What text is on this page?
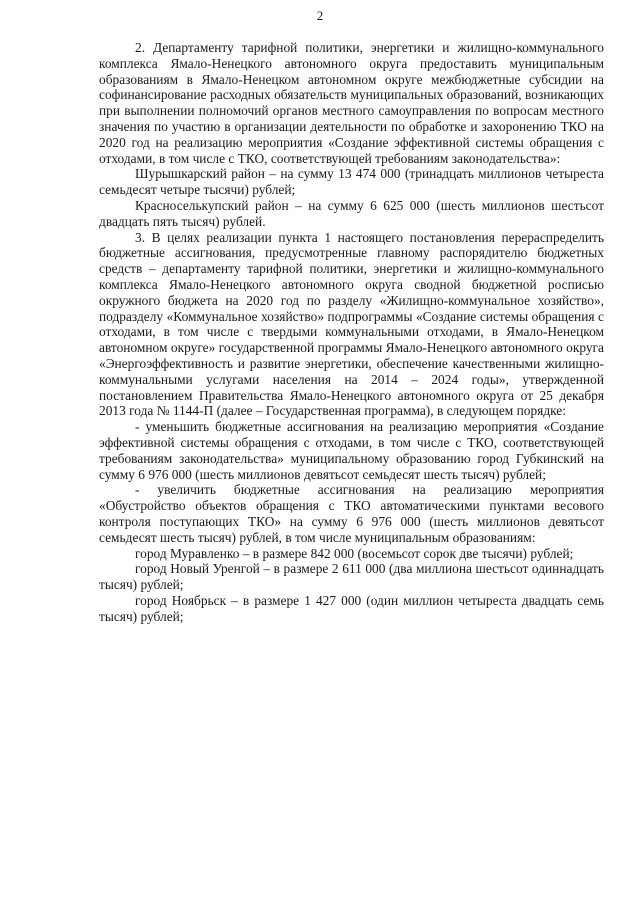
2

2. Департаменту тарифной политики, энергетики и жилищно-коммунального комплекса Ямало-Ненецкого автономного округа предоставить муниципальным образованиям в Ямало-Ненецком автономном округе межбюджетные субсидии на софинансирование расходных обязательств муниципальных образований, возникающих при выполнении полномочий органов местного самоуправления по вопросам местного значения по участию в организации деятельности по обработке и захоронению ТКО на 2020 год на реализацию мероприятия «Создание эффективной системы обращения с отходами, в том числе с ТКО, соответствующей требованиям законодательства»:

Шурышкарский район – на сумму 13 474 000 (тринадцать миллионов четыреста семьдесят четыре тысячи) рублей;

Красноселькупский район – на сумму 6 625 000 (шесть миллионов шестьсот двадцать пять тысяч) рублей.

3. В целях реализации пункта 1 настоящего постановления перераспределить бюджетные ассигнования, предусмотренные главному распорядителю бюджетных средств – департаменту тарифной политики, энергетики и жилищно-коммунального комплекса Ямало-Ненецкого автономного округа сводной бюджетной росписью окружного бюджета на 2020 год по разделу «Жилищно-коммунальное хозяйство», подразделу «Коммунальное хозяйство» подпрограммы «Создание системы обращения с отходами, в том числе с твердыми коммунальными отходами, в Ямало-Ненецком автономном округе» государственной программы Ямало-Ненецкого автономного округа «Энергоэффективность и развитие энергетики, обеспечение качественными жилищно-коммунальными услугами населения на 2014 – 2024 годы», утвержденной постановлением Правительства Ямало-Ненецкого автономного округа от 25 декабря 2013 года № 1144-П (далее – Государственная программа), в следующем порядке:

- уменьшить бюджетные ассигнования на реализацию мероприятия «Создание эффективной системы обращения с отходами, в том числе с ТКО, соответствующей требованиям законодательства» муниципальному образованию город Губкинский на сумму 6 976 000 (шесть миллионов девятьсот семьдесят шесть тысяч) рублей;

- увеличить бюджетные ассигнования на реализацию мероприятия «Обустройство объектов обращения с ТКО автоматическими пунктами весового контроля поступающих ТКО» на сумму 6 976 000 (шесть миллионов девятьсот семьдесят шесть тысяч) рублей, в том числе муниципальным образованиям:

город Муравленко – в размере 842 000 (восемьсот сорок две тысячи) рублей;

город Новый Уренгой – в размере 2 611 000 (два миллиона шестьсот одиннадцать тысяч) рублей;

город Ноябрьск – в размере 1 427 000 (один миллион четыреста двадцать семь тысяч) рублей;
